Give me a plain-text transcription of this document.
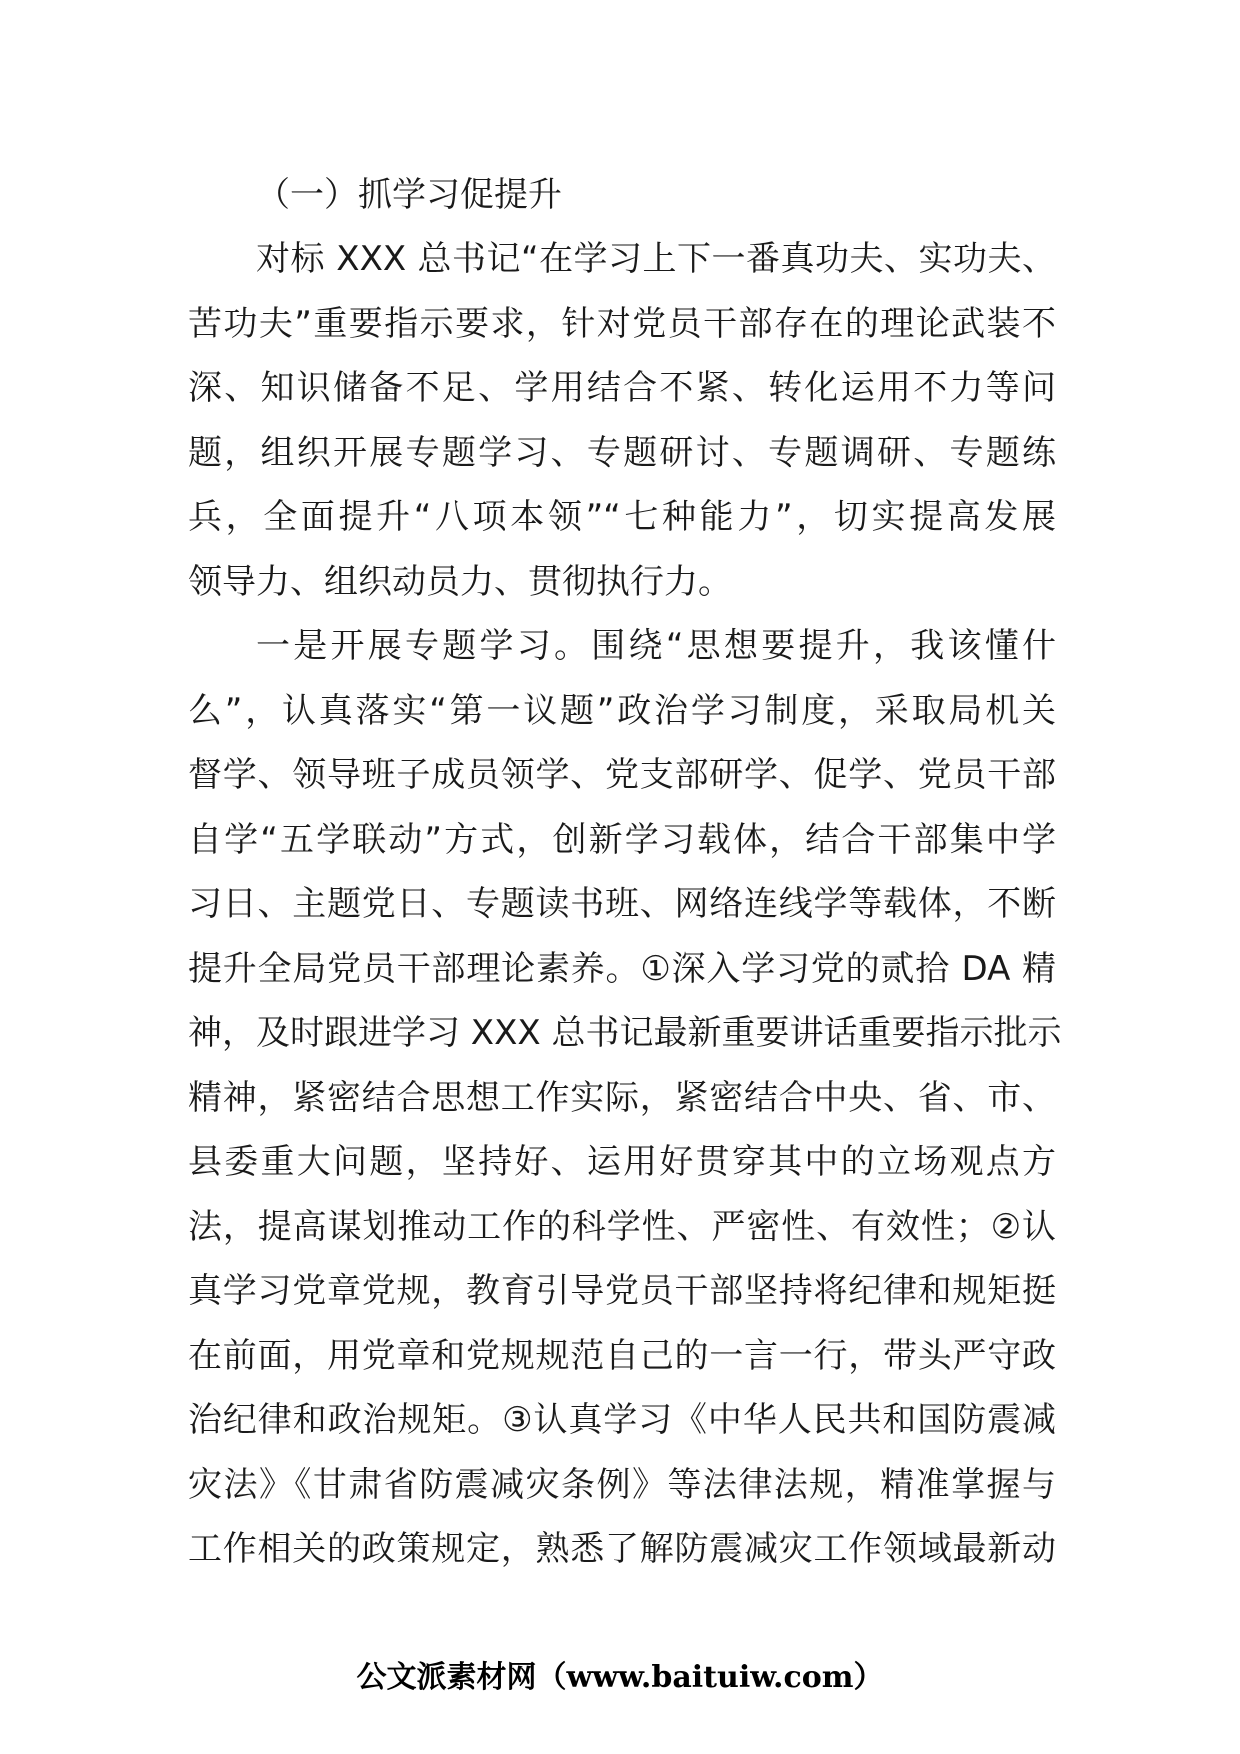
（一）抓学习促提升
对标 XXX 总书记“在学习上下一番真功夫、实功夫、
苦功夫”重要指示要求，针对党员干部存在的理论武装不
深、知识储备不足、学用结合不紧、转化运用不力等问
题，组织开展专题学习、专题研讨、专题调研、专题练
兵，全面提升“八项本领”“七种能力”，切实提高发展
领导力、组织动员力、贯彻执行力。
一是开展专题学习。围绕“思想要提升，我该懂什
么”，认真落实“第一议题”政治学习制度，采取局机关
督学、领导班子成员领学、党支部研学、促学、党员干部
自学“五学联动”方式，创新学习载体，结合干部集中学
习日、主题党日、专题读书班、网络连线学等载体，不断
提升全局党员干部理论素养。①深入学习党的贰拾 DA 精
神，及时跟进学习 XXX 总书记最新重要讲话重要指示批示
精神，紧密结合思想工作实际，紧密结合中央、省、市、
县委重大问题，坚持好、运用好贯穿其中的立场观点方
法，提高谋划推动工作的科学性、严密性、有效性；②认
真学习党章党规，教育引导党员干部坚持将纪律和规矩挺
在前面，用党章和党规规范自己的一言一行，带头严守政
治纪律和政治规矩。③认真学习《中华人民共和国防震减
灾法》《甘肃省防震减灾条例》等法律法规，精准掌握与
工作相关的政策规定，熟悉了解防震减灾工作领域最新动
公文派素材网（www.baituiw.com）
